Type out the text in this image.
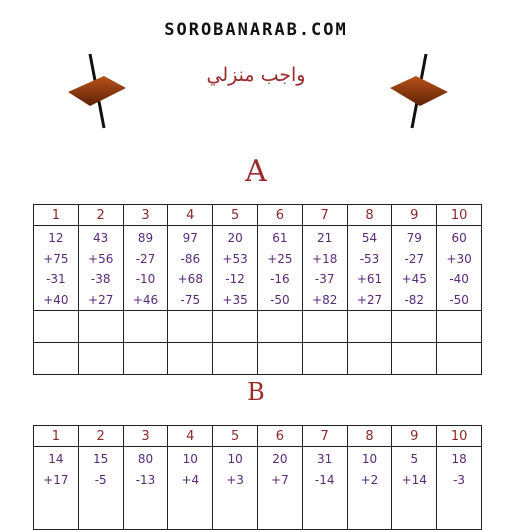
SOROBANARAB.COM
واجب منزلي
A
1	2	3	4	5	6	7	8	9	10

12
+75
-31
+40	43
+56
-38
+27	89
-27
-10
+46	97
-86
+68
-75	20
+53
-12
+35	61
+25
-16
-50	21
+18
-37
+82	54
-53
+61
+27	79
-27
+45
-82	60
+30
-40
-50

B
1	2	3	4	5	6	7	8	9	10

14
+17	15
-5	80
-13	10
+4	10
+3	20
+7	31
-14	10
+2	5
+14	18
-3
